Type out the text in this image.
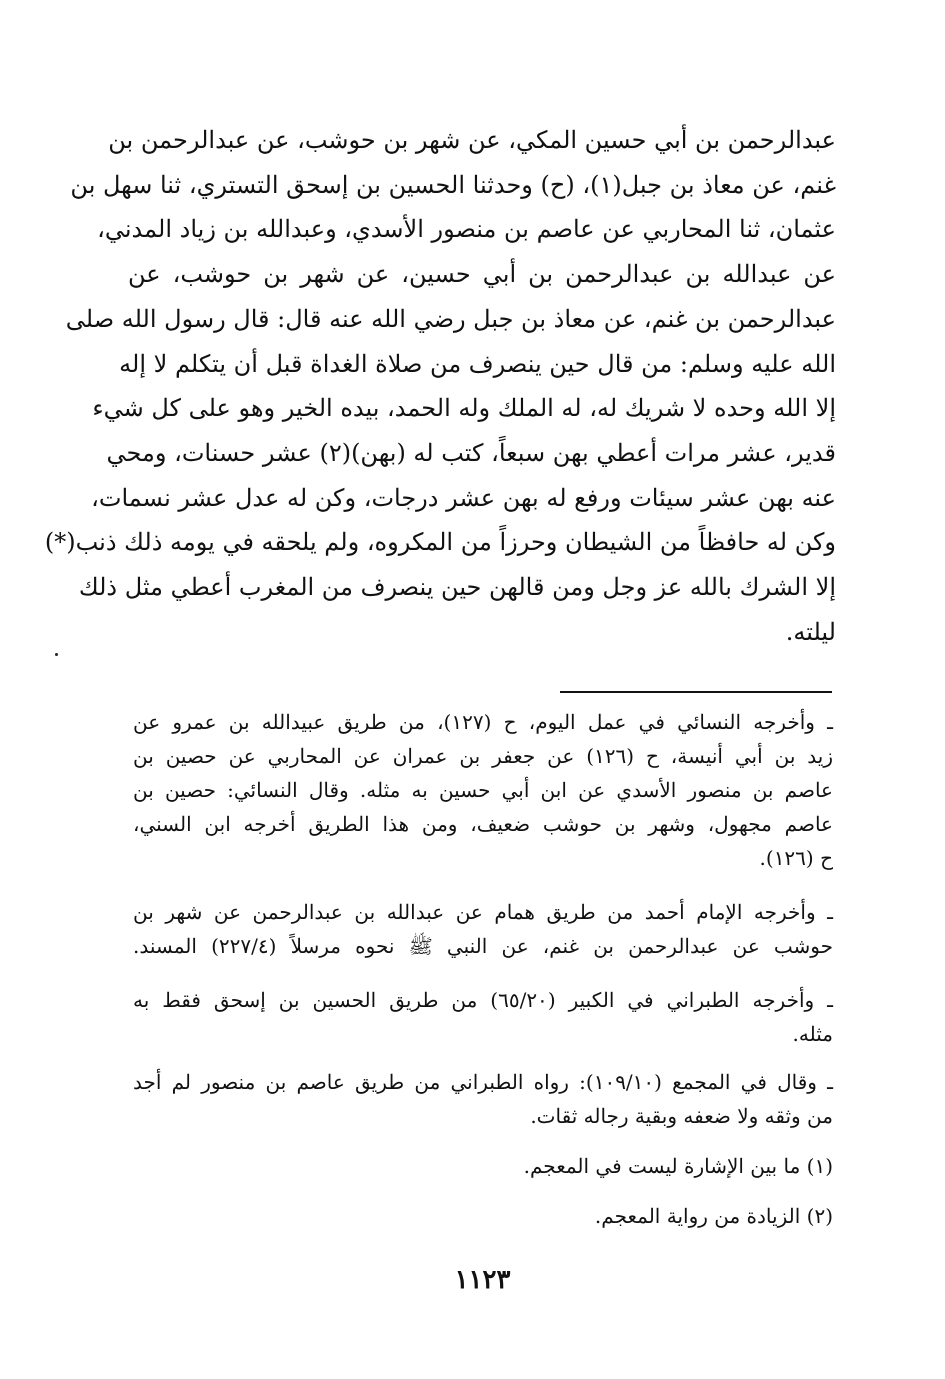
عبدالرحمن بن أبي حسين المكي، عن شهر بن حوشب، عن عبدالرحمن بن
غنم، عن معاذ بن جبل(١)، (ح) وحدثنا الحسين بن إسحق التستري، ثنا سهل بن
عثمان، ثنا المحاربي عن عاصم بن منصور الأسدي، وعبدالله بن زياد المدني،
عن عبدالله بن عبدالرحمن بن أبي حسين، عن شهر بن حوشب، عن
عبدالرحمن بن غنم، عن معاذ بن جبل رضي الله عنه قال: قال رسول الله صلى
الله عليه وسلم: من قال حين ينصرف من صلاة الغداة قبل أن يتكلم لا إله
إلا الله وحده لا شريك له، له الملك وله الحمد، بيده الخير وهو على كل شيء
قدير، عشر مرات أعطي بهن سبعاً، كتب له (بهن)(٢) عشر حسنات، ومحي
عنه بهن عشر سيئات ورفع له بهن عشر درجات، وكن له عدل عشر نسمات،
وكن له حافظاً من الشيطان وحرزاً من المكروه، ولم يلحقه في يومه ذلك ذنب(*)
إلا الشرك بالله عز وجل ومن قالهن حين ينصرف من المغرب أعطي مثل ذلك
ليلته.
ـ وأخرجه النسائي في عمل اليوم، ح (١٢٧)، من طريق عبيدالله بن عمرو عن
زيد بن أبي أنيسة، ح (١٢٦) عن جعفر بن عمران عن المحاربي عن حصين بن
عاصم بن منصور الأسدي عن ابن أبي حسين به مثله. وقال النسائي: حصين بن
عاصم مجهول، وشهر بن حوشب ضعيف، ومن هذا الطريق أخرجه ابن السني،
ح (١٢٦).
ـ وأخرجه الإمام أحمد من طريق همام عن عبدالله بن عبدالرحمن عن شهر بن
حوشب عن عبدالرحمن بن غنم، عن النبي ﷺ نحوه مرسلاً (٢٢٧/٤) المسند.
ـ وأخرجه الطبراني في الكبير (٦٥/٢٠) من طريق الحسين بن إسحق فقط به
مثله.
ـ وقال في المجمع (١٠٩/١٠): رواه الطبراني من طريق عاصم بن منصور لم أجد
من وثقه ولا ضعفه وبقية رجاله ثقات.
(١) ما بين الإشارة ليست في المعجم.
(٢) الزيادة من رواية المعجم.
١١٢٣
